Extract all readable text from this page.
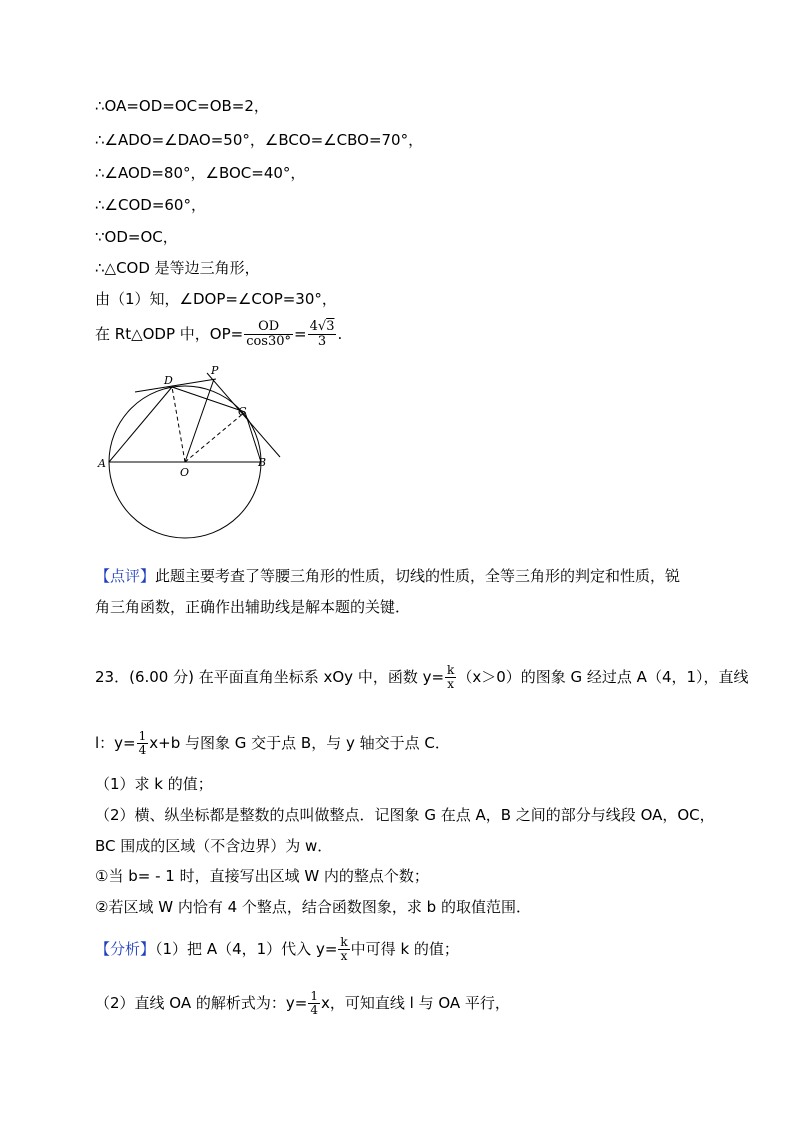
∴OA=OD=OC=OB=2，
∴∠ADO=∠DAO=50°，∠BCO=∠CBO=70°，
∴∠AOD=80°，∠BOC=40°，
∴∠COD=60°，
∵OD=OC，
∴△COD 是等边三角形，
由（1）知，∠DOP=∠COP=30°，
在 Rt△ODP 中，$OP= \frac{OD}{\cos 30^\circ} = \frac{4√3}{3}$ .
D
P
C
A
O
B
【点评】此题主要考查了等腰三角形的性质，切线的性质，全等三角形的判定和性质，锐
角三角函数，正确作出辅助线是解本题的关键．
23．(6.00 分) 在平面直角坐标系 xOy 中，函数 $y= \frac{k}{x} (x>0)$的图象 G 经过点 A（4，1），直线
l：$y= \frac{1}{4} x+b$ 与图象 G 交于点 B，与 y 轴交于点 C．
（1）求 k 的值；
（2）横、纵坐标都是整数的点叫做整点．记图象 G 在点 A，B 之间的部分与线段 OA，OC，
BC 围成的区域（不含边界）为 w．
①当 b= - 1 时，直接写出区域 W 内的整点个数；
②若区域 W 内恰有 4 个整点，结合函数图象，求 b 的取值范围．
【分析】（1）把 A（4，1）代入 $y= \frac{k}{x}$ 中可得 k 的值；
（2）直线 OA 的解析式为：$y= \frac{1}{4}$ x，可知直线 l 与 OA 平行，
